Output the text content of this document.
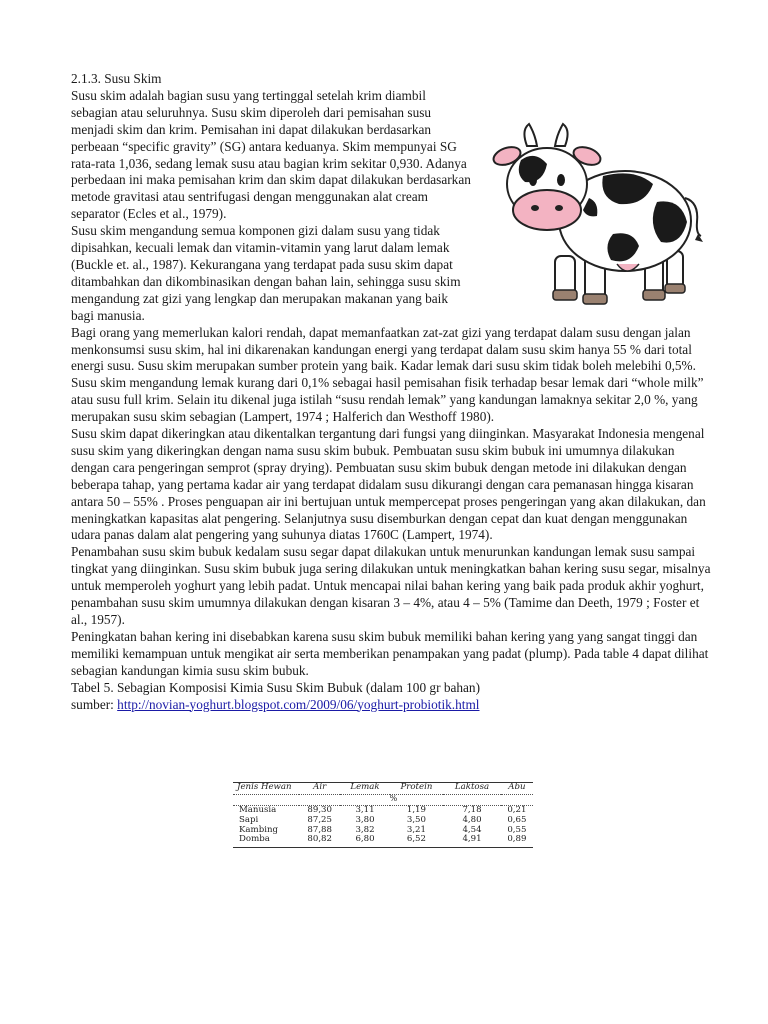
2.1.3. Susu Skim

Susu skim adalah bagian susu yang tertinggal setelah krim diambil sebagian atau seluruhnya. Susu skim diperoleh dari pemisahan susu menjadi skim dan krim. Pemisahan ini dapat dilakukan berdasarkan perbeaan “specific gravity” (SG) antara keduanya. Skim mempunyai SG rata-rata 1,036, sedang lemak susu atau bagian krim sekitar 0,930. Adanya perbedaan ini maka pemisahan krim dan skim dapat dilakukan berdasarkan metode gravitasi atau sentrifugasi dengan menggunakan alat cream separator (Ecles et al., 1979).

Susu skim mengandung semua komponen gizi dalam susu yang tidak dipisahkan, kecuali lemak dan vitamin-vitamin yang larut dalam lemak (Buckle et. al., 1987). Kekurangana yang terdapat pada susu skim dapat ditambahkan dan dikombinasikan dengan bahan lain, sehingga susu skim mengandung zat gizi yang lengkap dan merupakan makanan yang baik bagi manusia.

Bagi orang yang memerlukan kalori rendah, dapat memanfaatkan zat-zat gizi yang terdapat dalam susu dengan jalan menkonsumsi susu skim, hal ini dikarenakan kandungan energi yang terdapat dalam susu skim hanya 55 % dari total energi susu. Susu skim merupakan sumber protein yang baik. Kadar lemak dari susu skim tidak boleh melebihi 0,5%. Susu skim mengandung lemak kurang dari 0,1% sebagai hasil pemisahan fisik terhadap besar lemak dari “whole milk” atau susu full krim. Selain itu dikenal juga istilah “susu rendah lemak” yang kandungan lamaknya sekitar 2,0 %, yang merupakan susu skim sebagian (Lampert, 1974 ; Halferich dan Westhoff 1980).

Susu skim dapat dikeringkan atau dikentalkan tergantung dari fungsi yang diinginkan. Masyarakat Indonesia mengenal susu skim yang dikeringkan dengan nama susu skim bubuk. Pembuatan susu skim bubuk ini umumnya dilakukan dengan cara pengeringan semprot (spray drying). Pembuatan susu skim bubuk dengan metode ini dilakukan dengan beberapa tahap, yang pertama kadar air yang terdapat didalam susu dikurangi dengan cara pemanasan hingga kisaran antara 50 – 55% . Proses penguapan air ini bertujuan untuk mempercepat proses pengeringan yang akan dilakukan, dan meningkatkan kapasitas alat pengering. Selanjutnya susu disemburkan dengan cepat dan kuat dengan menggunakan udara panas dalam alat pengering yang suhunya diatas 1760C (Lampert, 1974).

Penambahan susu skim bubuk kedalam susu segar dapat dilakukan untuk menurunkan kandungan lemak susu sampai tingkat yang diinginkan. Susu skim bubuk juga sering dilakukan untuk meningkatkan bahan kering susu segar, misalnya untuk memperoleh yoghurt yang lebih padat. Untuk mencapai nilai bahan kering yang baik pada produk akhir yoghurt, penambahan susu skim umumnya dilakukan dengan kisaran 3 – 4%, atau 4 – 5% (Tamime dan Deeth, 1979 ; Foster et al., 1957).

Peningkatan bahan kering ini disebabkan karena susu skim bubuk memiliki bahan kering yang yang sangat tinggi dan memiliki kemampuan untuk mengikat air serta memberikan penampakan yang padat (plump). Pada table 4 dapat dilihat sebagian kandungan kimia susu skim bubuk.

Tabel 5. Sebagian Komposisi Kimia Susu Skim Bubuk (dalam 100 gr bahan)

sumber: http://novian-yoghurt.blogspot.com/2009/06/yoghurt-probiotik.html

Jenis Hewan	Air	Lemak	Protein	Laktosa	Abu

			%		

Manusia	89,30	3,11	1,19	7,18	0,21
Sapi	87,25	3,80	3,50	4,80	0,65
Kambing	87,88	3,82	3,21	4,54	0,55
Domba	80,82	6,80	6,52	4,91	0,89
